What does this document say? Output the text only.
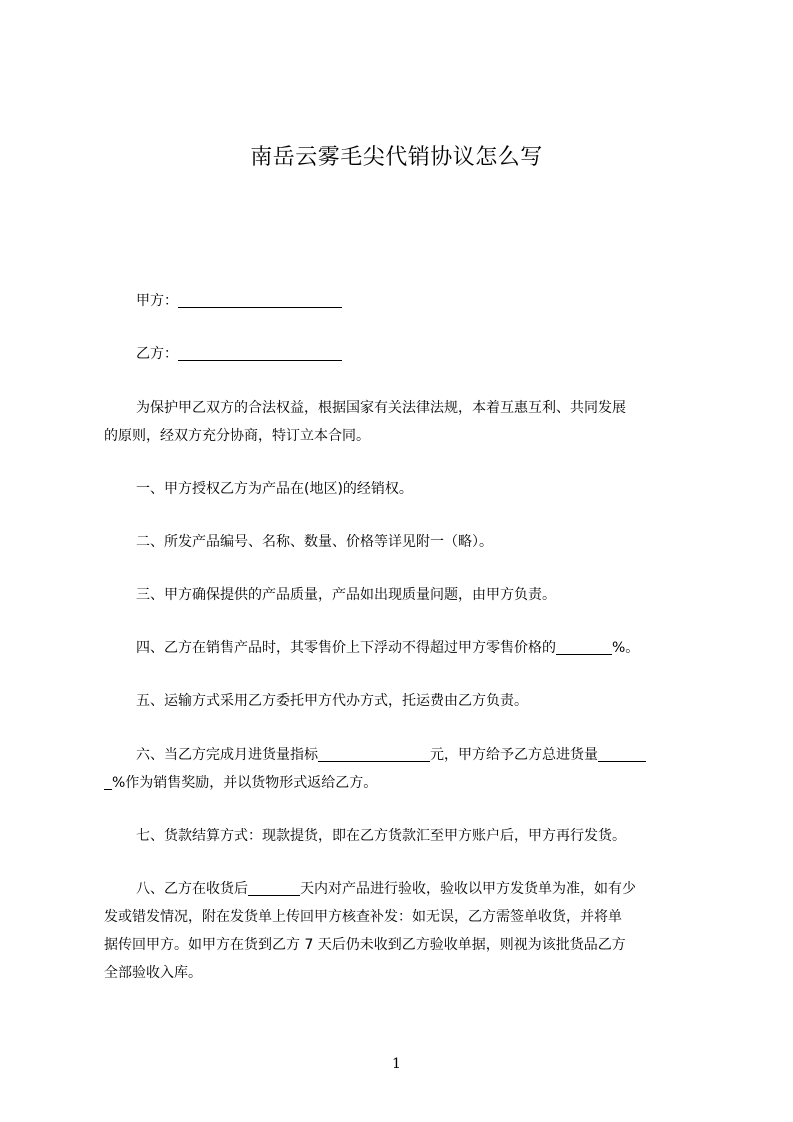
南岳云雾毛尖代销协议怎么写
甲方：
乙方：
为保护甲乙双方的合法权益，根据国家有关法律法规，本着互惠互利、共同发展
的原则，经双方充分协商，特订立本合同。
一、甲方授权乙方为产品在(地区)的经销权。
二、所发产品编号、名称、数量、价格等详见附一（略）。
三、甲方确保提供的产品质量，产品如出现质量问题，由甲方负责。
四、乙方在销售产品时，其零售价上下浮动不得超过甲方零售价格的	%。
五、运输方式采用乙方委托甲方代办方式，托运费由乙方负责。
六、当乙方完成月进货量指标	元，甲方给予乙方总进货量
%作为销售奖励，并以货物形式返给乙方。
七、货款结算方式：现款提货，即在乙方货款汇至甲方账户后，甲方再行发货。
八、乙方在收货后	天内对产品进行验收，验收以甲方发货单为准，如有少
发或错发情况，附在发货单上传回甲方核查补发：如无误，乙方需签单收货，并将单
据传回甲方。如甲方在货到乙方 7 天后仍未收到乙方验收单据，则视为该批货品乙方
全部验收入库。
1
